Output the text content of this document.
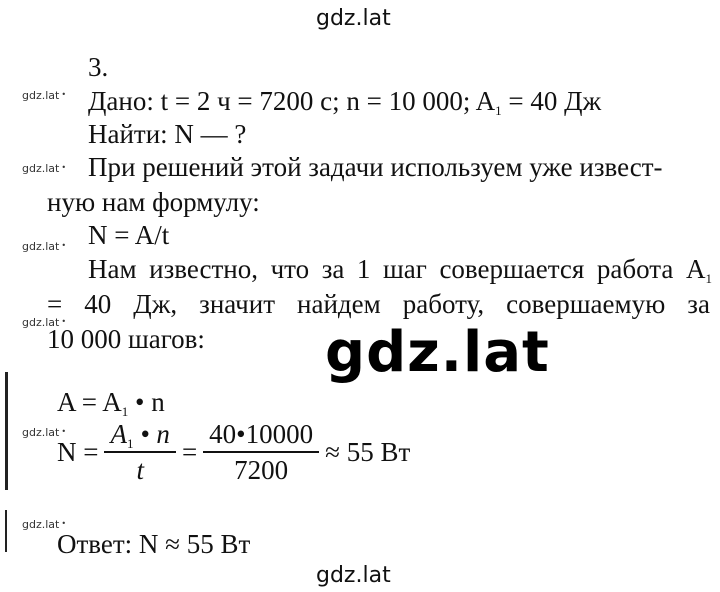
gdz.lat
gdz.lat •
gdz.lat •
gdz.lat •
gdz.lat •
gdz.lat •
gdz.lat •
3.
Дано: t = 2 ч = 7200 с; n = 10 000; $A_1 = 40$ Дж
Найти: N — ?
При решений этой задачи используем уже извест-
ную нам формулу:
N = A/t
Нам известно, что за 1 шаг совершается работа $A_1$
= 40 Дж, значит найдем работу, совершаемую за
10 000 шагов: gdz.lat
$A = A_1$ • n
$N = \frac{A_1 • n}{t} = \frac{40•10000}{7200} \approx 55$ Вт
Ответ: N ≈ 55 Вт
gdz.lat
